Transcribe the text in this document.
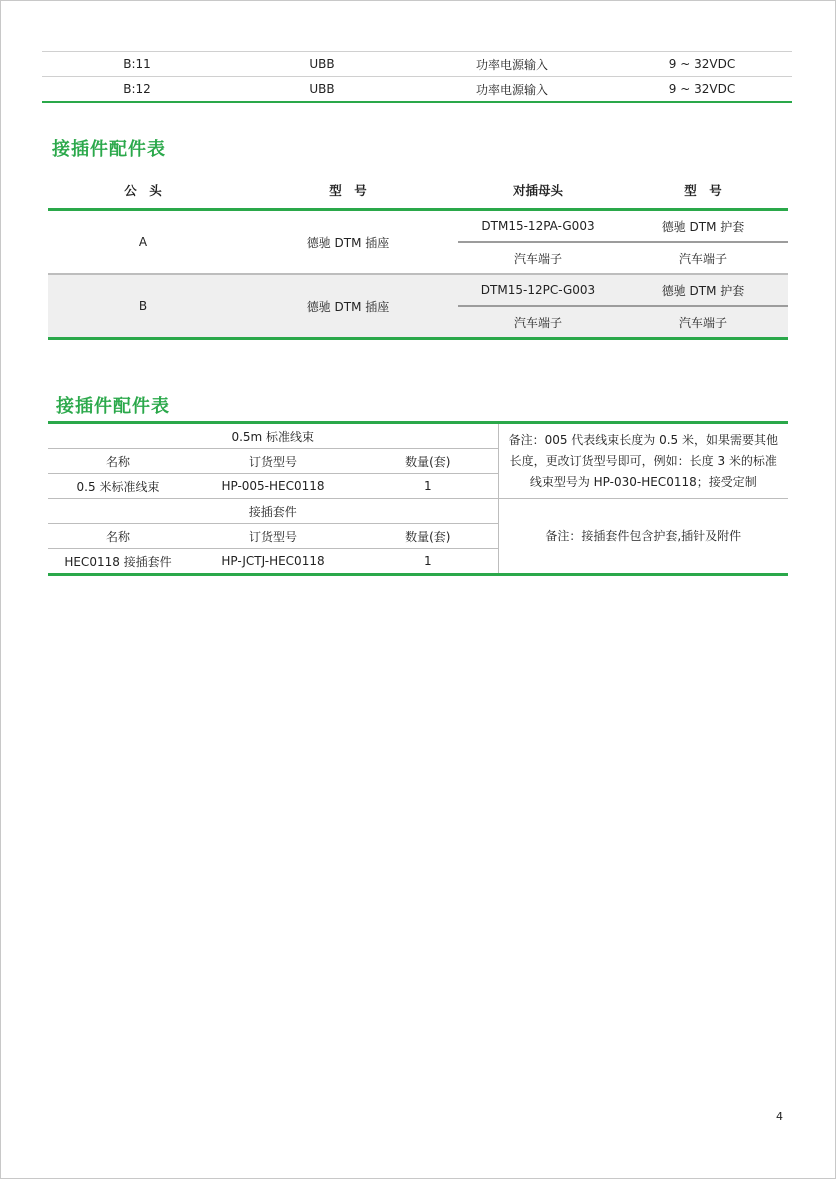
B:11	UBB	功率电源输入	9 ~ 32VDC
B:12	UBB	功率电源输入	9 ~ 32VDC
接插件配件表
公　头	型　号	对插母头	型　号
A	德驰 DTM 插座	DTM15-12PA-G003	德驰 DTM 护套
		汽车端子	汽车端子
B	德驰 DTM 插座	DTM15-12PC-G003	德驰 DTM 护套
		汽车端子	汽车端子
接插件配件表
0.5m 标准线束			备注：005 代表线束长度为 0.5 米，如果需要其他长度，更改订货型号即可，例如：长度 3 米的标准线束型号为 HP-030-HEC0118；接受定制
名称	订货型号	数量(套)	
0.5 米标准线束	HP-005-HEC0118	1	
接插套件			备注：接插套件包含护套,插针及附件
名称	订货型号	数量(套)	
HEC0118 接插套件	HP-JCTJ-HEC0118	1	
4
